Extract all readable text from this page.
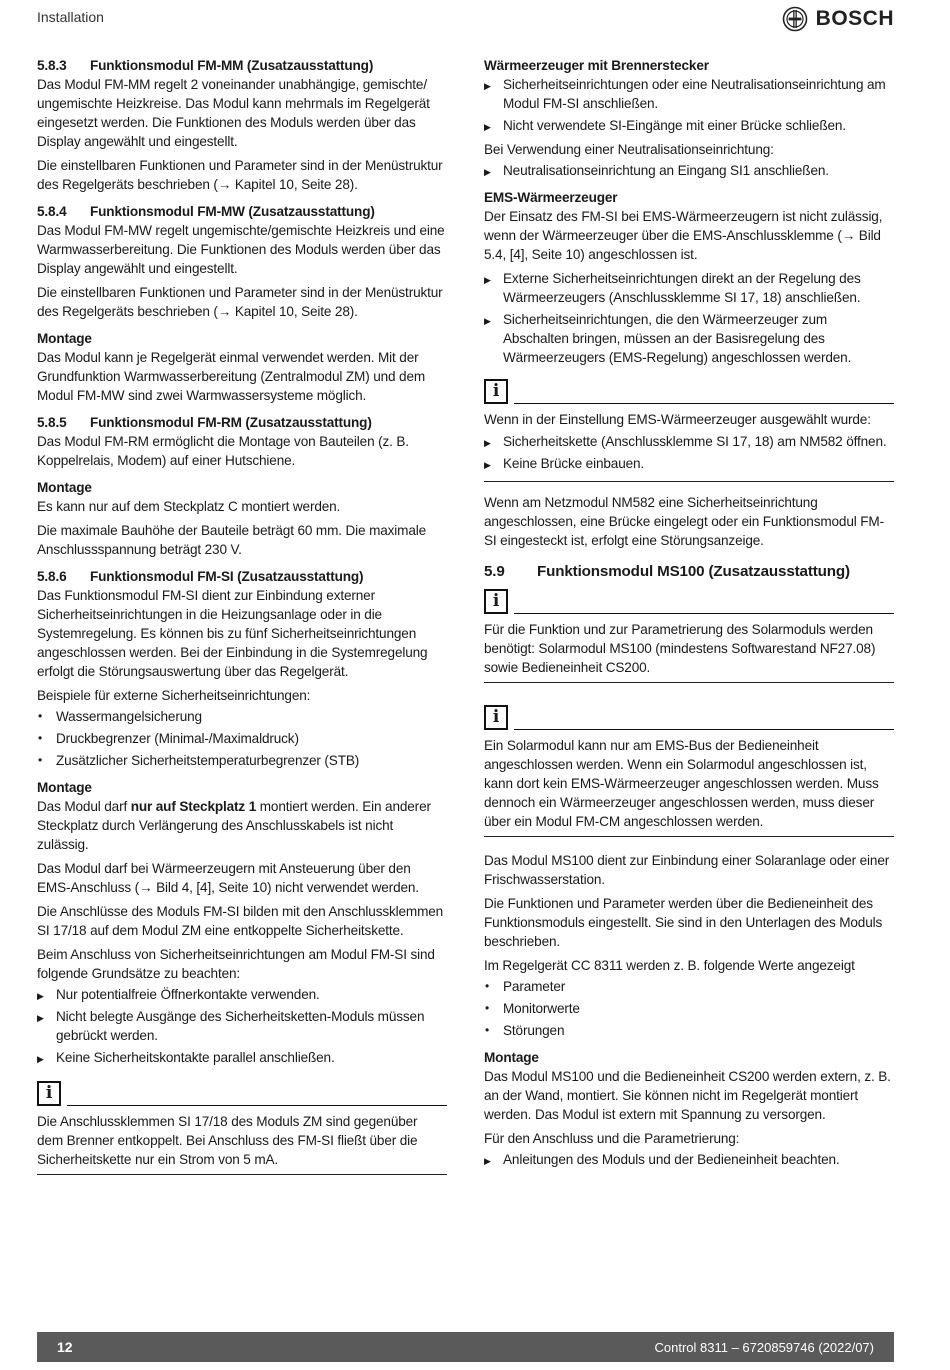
Installation	BOSCH
5.8.3	Funktionsmodul FM-MM (Zusatzausstattung)

Das Modul FM-MM regelt 2 voneinander unabhängige, gemischte/ ungemischte Heizkreise. Das Modul kann mehrmals im Regelgerät eingesetzt werden. Die Funktionen des Moduls werden über das Display angewählt und eingestellt.

Die einstellbaren Funktionen und Parameter sind in der Menüstruktur des Regelgeräts beschrieben (→ Kapitel 10, Seite 28).

5.8.4	Funktionsmodul FM-MW (Zusatzausstattung)

Das Modul FM-MW regelt ungemischte/gemischte Heizkreis und eine Warmwasserbereitung. Die Funktionen des Moduls werden über das Display angewählt und eingestellt.

Die einstellbaren Funktionen und Parameter sind in der Menüstruktur des Regelgeräts beschrieben (→ Kapitel 10, Seite 28).

Montage

Das Modul kann je Regelgerät einmal verwendet werden. Mit der Grundfunktion Warmwasserbereitung (Zentralmodul ZM) und dem Modul FM-MW sind zwei Warmwassersysteme möglich.

5.8.5	Funktionsmodul FM-RM (Zusatzausstattung)

Das Modul FM-RM ermöglicht die Montage von Bauteilen (z. B. Koppelrelais, Modem) auf einer Hutschiene.

Montage

Es kann nur auf dem Steckplatz C montiert werden.

Die maximale Bauhöhe der Bauteile beträgt 60 mm. Die maximale Anschlussspannung beträgt 230 V.

5.8.6	Funktionsmodul FM-SI (Zusatzausstattung)

Das Funktionsmodul FM-SI dient zur Einbindung externer Sicherheitseinrichtungen in die Heizungsanlage oder in die Systemregelung. Es können bis zu fünf Sicherheitseinrichtungen angeschlossen werden. Bei der Einbindung in die Systemregelung erfolgt die Störungsauswertung über das Regelgerät.

Beispiele für externe Sicherheitseinrichtungen:

• Wassermangelsicherung
• Druckbegrenzer (Minimal-/Maximaldruck)
• Zusätzlicher Sicherheitstemperaturbegrenzer (STB)
Montage

Das Modul darf nur auf Steckplatz 1 montiert werden. Ein anderer Steckplatz durch Verlängerung des Anschlusskabels ist nicht zulässig.

Das Modul darf bei Wärmeerzeugern mit Ansteuerung über den EMS-Anschluss (→ Bild 4, [4], Seite 10) nicht verwendet werden.

Die Anschlüsse des Moduls FM-SI bilden mit den Anschlussklemmen SI 17/18 auf dem Modul ZM eine entkoppelte Sicherheitskette.

Beim Anschluss von Sicherheitseinrichtungen am Modul FM-SI sind folgende Grundsätze zu beachten:

▶ Nur potentialfreie Öffnerkontakte verwenden.
▶ Nicht belegte Ausgänge des Sicherheitsketten-Moduls müssen gebrückt werden.
▶ Keine Sicherheitskontakte parallel anschließen.
i
Die Anschlussklemmen SI 17/18 des Moduls ZM sind gegenüber dem Brenner entkoppelt. Bei Anschluss des FM-SI fließt über die Sicherheitskette nur ein Strom von 5 mA.
Wärmeerzeuger mit Brennerstecker
▶ Sicherheitseinrichtungen oder eine Neutralisationseinrichtung am Modul FM-SI anschließen.
▶ Nicht verwendete SI-Eingänge mit einer Brücke schließen.

Bei Verwendung einer Neutralisationseinrichtung:

▶ Neutralisationseinrichtung an Eingang SI1 anschließen.
EMS-Wärmeerzeuger

Der Einsatz des FM-SI bei EMS-Wärmeerzeugern ist nicht zulässig, wenn der Wärmeerzeuger über die EMS-Anschlussklemme (→ Bild 5.4, [4], Seite 10) angeschlossen ist.

▶ Externe Sicherheitseinrichtungen direkt an der Regelung des Wärmeerzeugers (Anschlussklemme SI 17, 18) anschließen.
▶ Sicherheitseinrichtungen, die den Wärmeerzeuger zum Abschalten bringen, müssen an der Basisregelung des Wärmeerzeugers (EMS-Regelung) angeschlossen werden.
i
Wenn in der Einstellung EMS-Wärmeerzeuger ausgewählt wurde:
▶ Sicherheitskette (Anschlussklemme SI 17, 18) am NM582 öffnen.
▶ Keine Brücke einbauen.

Wenn am Netzmodul NM582 eine Sicherheitseinrichtung angeschlossen, eine Brücke eingelegt oder ein Funktionsmodul FM-SI eingesteckt ist, erfolgt eine Störungsanzeige.

5.9	Funktionsmodul MS100 (Zusatzausstattung)
i
Für die Funktion und zur Parametrierung des Solarmoduls werden benötigt: Solarmodul MS100 (mindestens Softwarestand NF27.08) sowie Bedieneinheit CS200.
i
Ein Solarmodul kann nur am EMS-Bus der Bedieneinheit angeschlossen werden. Wenn ein Solarmodul angeschlossen ist, kann dort kein EMS-Wärmeerzeuger angeschlossen werden. Muss dennoch ein Wärmeerzeuger angeschlossen werden, muss dieser über ein Modul FM-CM angeschlossen werden.

Das Modul MS100 dient zur Einbindung einer Solaranlage oder einer Frischwasserstation.

Die Funktionen und Parameter werden über die Bedieneinheit des Funktionsmoduls eingestellt. Sie sind in den Unterlagen des Moduls beschrieben.

Im Regelgerät CC 8311 werden z. B. folgende Werte angezeigt

• Parameter
• Monitorwerte
• Störungen
Montage

Das Modul MS100 und die Bedieneinheit CS200 werden extern, z. B. an der Wand, montiert. Sie können nicht im Regelgerät montiert werden. Das Modul ist extern mit Spannung zu versorgen.

Für den Anschluss und die Parametrierung:

▶ Anleitungen des Moduls und der Bedieneinheit beachten.
12	Control 8311 – 6720859746 (2022/07)
